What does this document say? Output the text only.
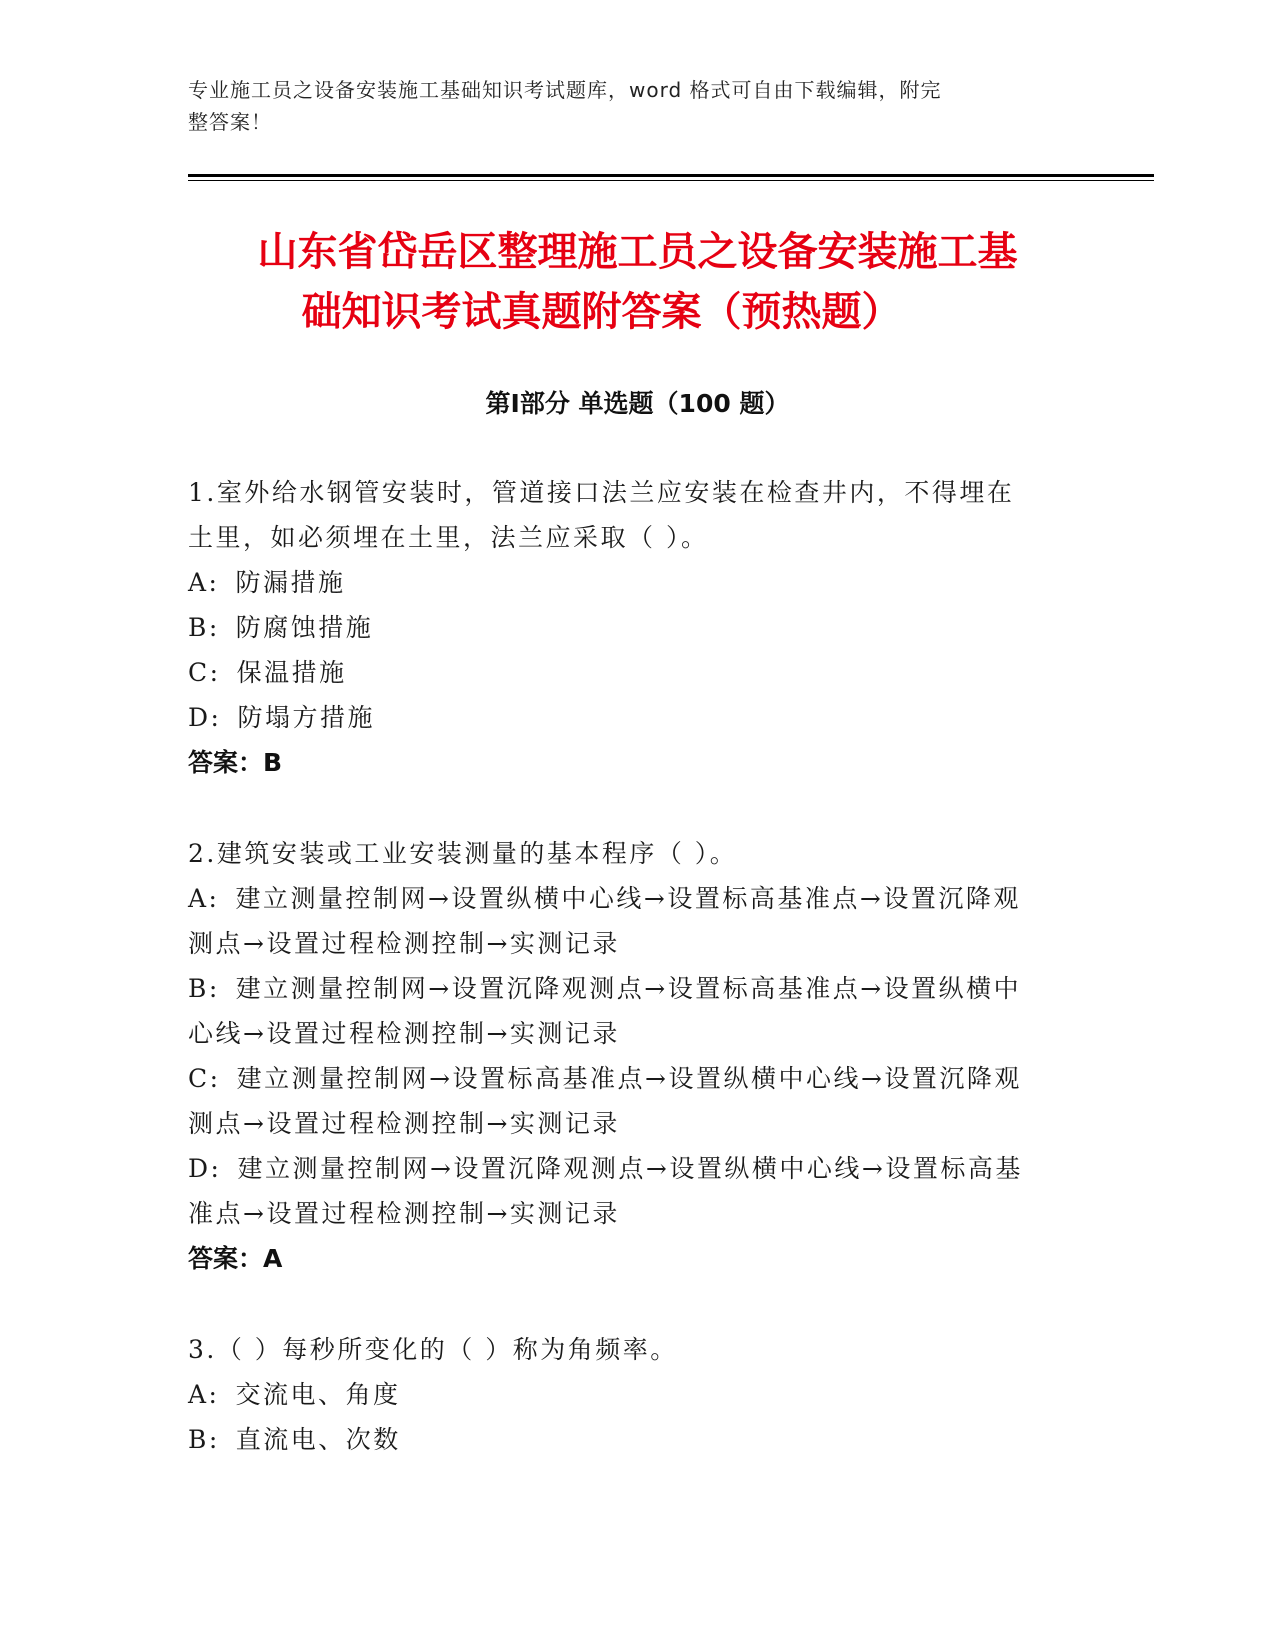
专业施工员之设备安装施工基础知识考试题库，word 格式可自由下载编辑，附完
整答案！
山东省岱岳区整理施工员之设备安装施工基
础知识考试真题附答案（预热题）
第Ⅰ部分 单选题（100 题）
1.室外给水钢管安装时，管道接口法兰应安装在检查井内，不得埋在
土里，如必须埋在土里，法兰应采取（ ）。
A: 防漏措施
B: 防腐蚀措施
C: 保温措施
D: 防塌方措施
答案：B
2.建筑安装或工业安装测量的基本程序（ ）。
A: 建立测量控制网→设置纵横中心线→设置标高基准点→设置沉降观
测点→设置过程检测控制→实测记录
B: 建立测量控制网→设置沉降观测点→设置标高基准点→设置纵横中
心线→设置过程检测控制→实测记录
C: 建立测量控制网→设置标高基准点→设置纵横中心线→设置沉降观
测点→设置过程检测控制→实测记录
D: 建立测量控制网→设置沉降观测点→设置纵横中心线→设置标高基
准点→设置过程检测控制→实测记录
答案：A
3.（ ）每秒所变化的（ ）称为角频率。
A: 交流电、角度
B: 直流电、次数
